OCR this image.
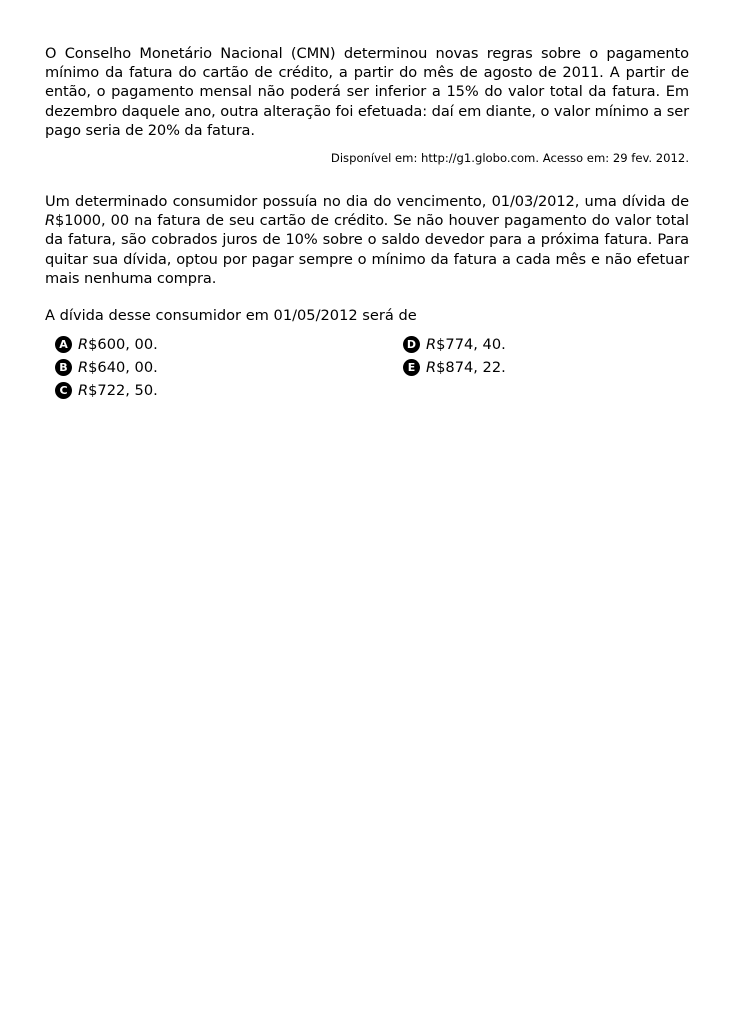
O Conselho Monetário Nacional (CMN) determinou novas regras sobre o pagamento mínimo da fatura do cartão de crédito, a partir do mês de agosto de 2011. A partir de então, o pagamento mensal não poderá ser inferior a 15% do valor total da fatura. Em dezembro daquele ano, outra alteração foi efetuada: daí em diante, o valor mínimo a ser pago seria de 20% da fatura.

Disponível em: http://g1.globo.com. Acesso em: 29 fev. 2012.

Um determinado consumidor possuía no dia do vencimento, 01/03/2012, uma dívida de R$1000, 00 na fatura de seu cartão de crédito. Se não houver pagamento do valor total da fatura, são cobrados juros de 10% sobre o saldo devedor para a próxima fatura. Para quitar sua dívida, optou por pagar sempre o mínimo da fatura a cada mês e não efetuar mais nenhuma compra.

A dívida desse consumidor em 01/05/2012 será de

A R$600, 00.
B R$640, 00.
C R$722, 50.
D R$774, 40.
E R$874, 22.
